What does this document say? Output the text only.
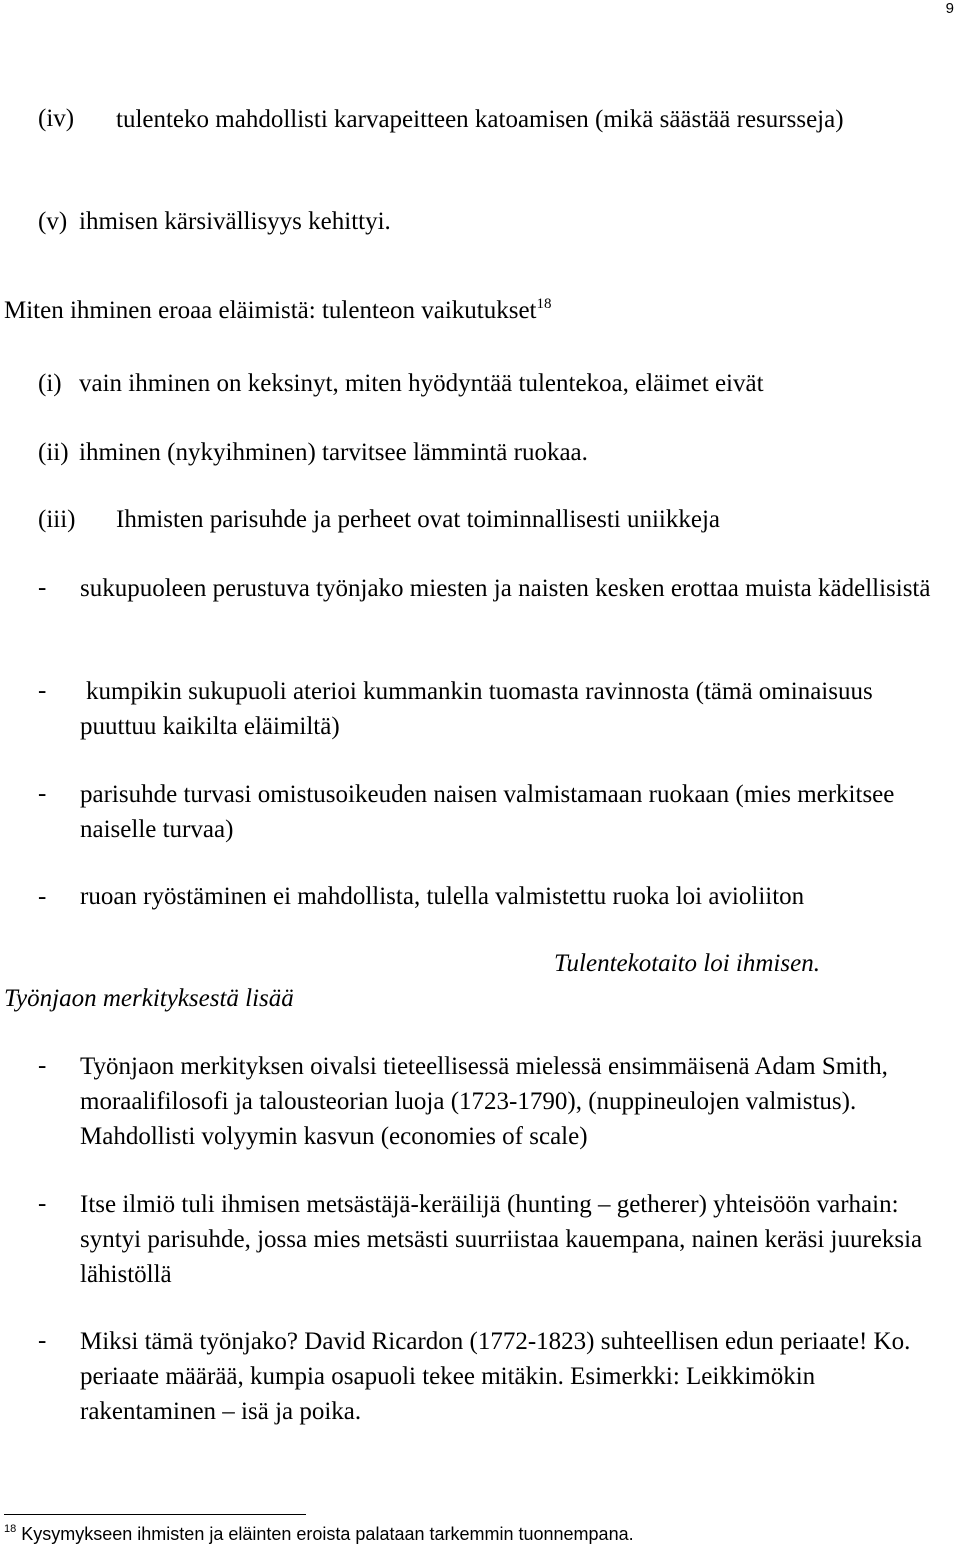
9
(iv) tulenteko mahdollisti karvapeitteen katoamisen (mikä säästää resursseja)
(v) ihmisen kärsivällisyys kehittyi.
Miten ihminen eroaa eläimistä: tulenteon vaikutukset$^{18}$
(i) vain ihminen on keksinyt, miten hyödyntää tulentekoa, eläimet eivät
(ii) ihminen (nykyihminen) tarvitsee lämmintä ruokaa.
(iii) Ihmisten parisuhde ja perheet ovat toiminnallisesti uniikkeja
- sukupuoleen perustuva työnjako miesten ja naisten kesken erottaa muista kädellisistä
- kumpikin sukupuoli aterioi kummankin tuomasta ravinnosta (tämä ominaisuus puuttuu kaikilta eläimiltä)
- parisuhde turvasi omistusoikeuden naisen valmistamaan ruokaan (mies merkitsee naiselle turvaa)
- ruoan ryöstäminen ei mahdollista, tulella valmistettu ruoka loi avioliiton
Tulentekotaito loi ihmisen.
Työnjaon merkityksestä lisää
- Työnjaon merkityksen oivalsi tieteellisessä mielessä ensimmäisenä Adam Smith, moraalifilosofi ja talousteorian luoja (1723-1790), (nuppineulojen valmistus). Mahdollisti volyymin kasvun (economies of scale)
- Itse ilmiö tuli ihmisen metsästäjä-keräilijä (hunting – getherer) yhteisöön varhain: syntyi parisuhde, jossa mies metsästi suurriistaa kauempana, nainen keräsi juureksia lähistöllä
- Miksi tämä työnjako? David Ricardon (1772-1823) suhteellisen edun periaate! Ko. periaate määrää, kumpia osapuoli tekee mitäkin. Esimerkki: Leikkimökin rakentaminen – isä ja poika.
$^{18}$ Kysymykseen ihmisten ja eläinten eroista palataan tarkemmin tuonnempana.
